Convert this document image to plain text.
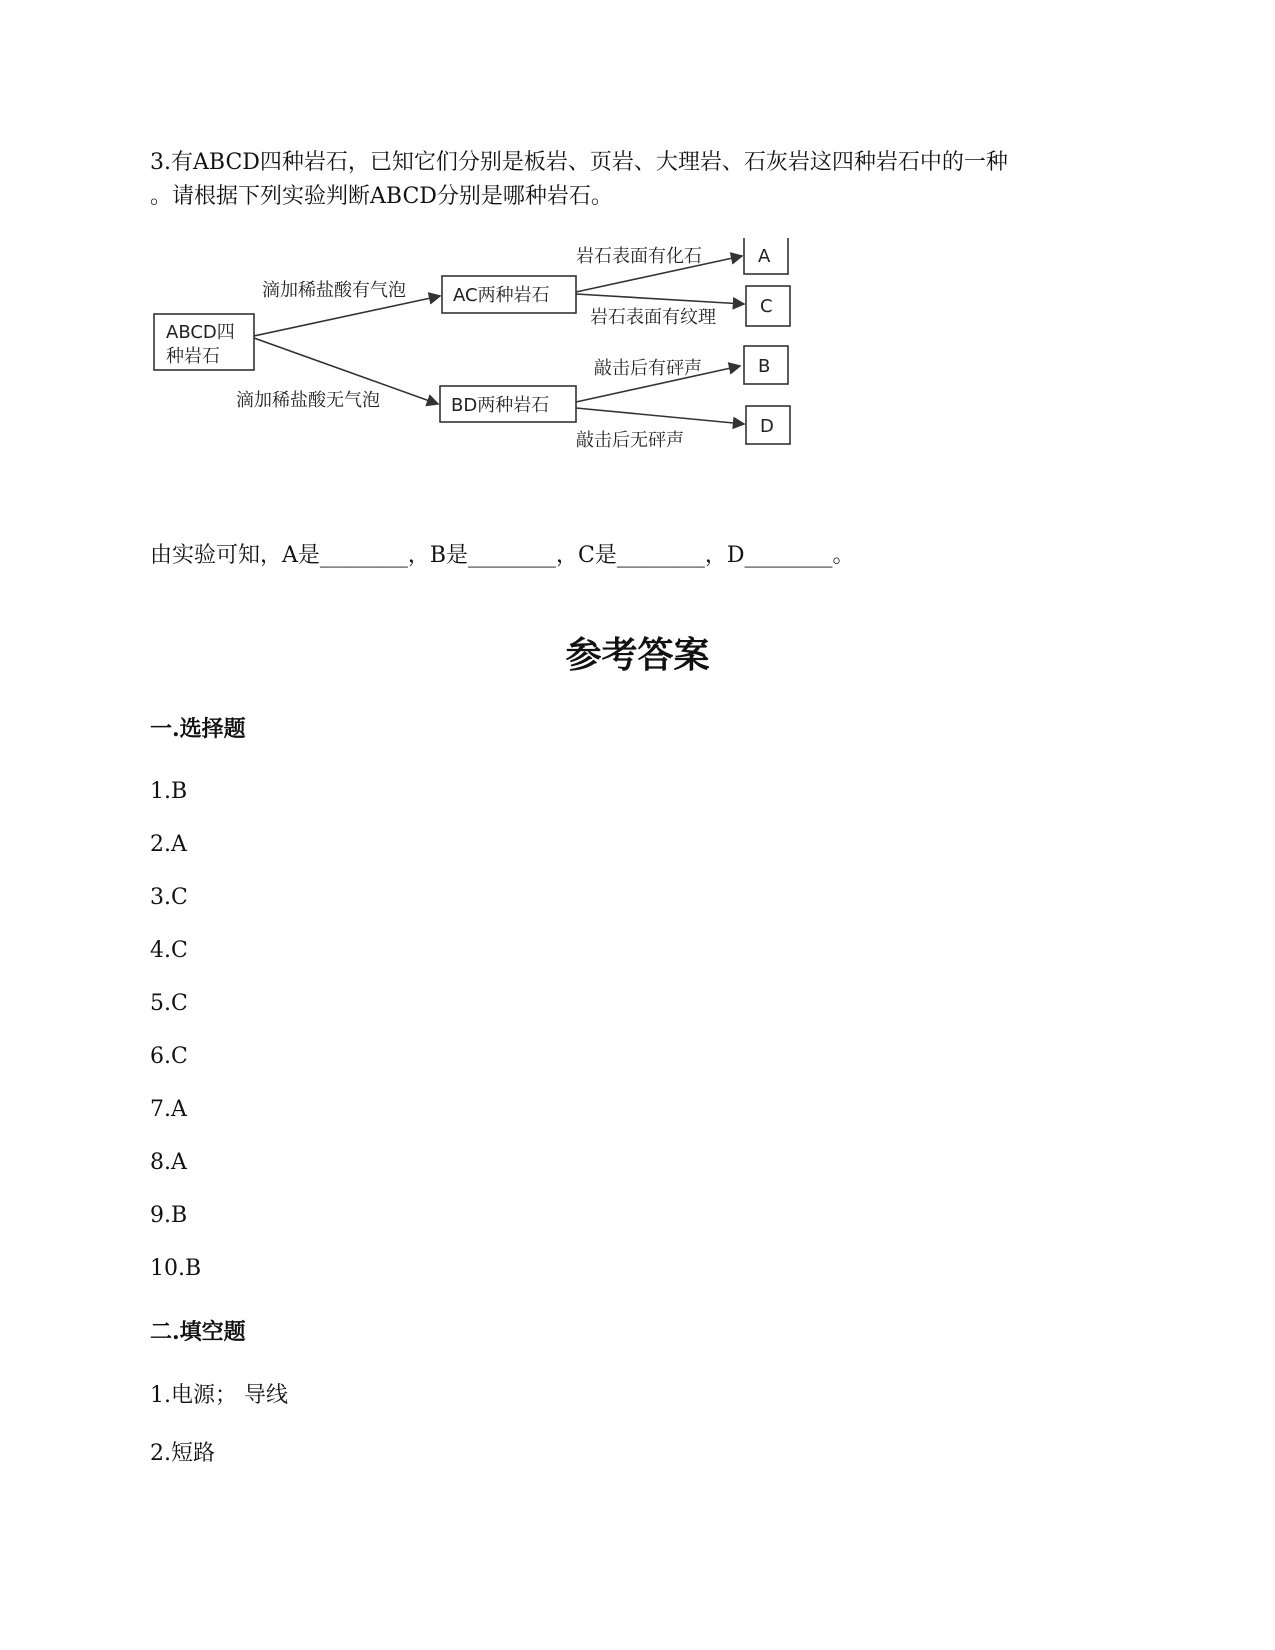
3.有ABCD四种岩石，已知它们分别是板岩、页岩、大理岩、石灰岩这四种岩石中的一种
。请根据下列实验判断ABCD分别是哪种岩石。
ABCD四
种岩石
滴加稀盐酸有气泡
滴加稀盐酸无气泡
AC两种岩石
BD两种岩石
岩石表面有化石
岩石表面有纹理
敲击后有砰声
敲击后无砰声
A
C
B
D
由实验可知，A是________，B是________，C是________，D________。
参考答案
一.选择题
1.B
2.A
3.C
4.C
5.C
6.C
7.A
8.A
9.B
10.B
二.填空题
1.电源； 导线
2.短路
